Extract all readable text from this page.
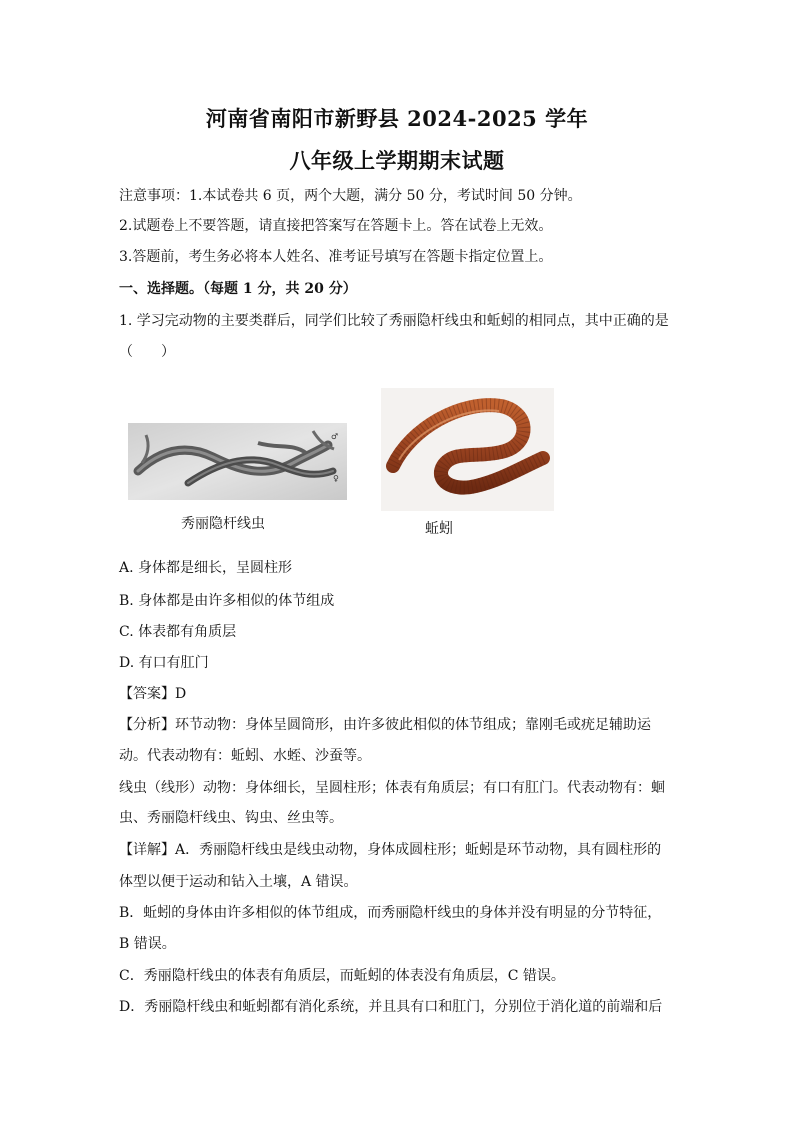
河南省南阳市新野县 2024-2025 学年
八年级上学期期末试题
注意事项：1.本试卷共 6 页，两个大题，满分 50 分，考试时间 50 分钟。
2.试题卷上不要答题，请直接把答案写在答题卡上。答在试卷上无效。
3.答题前，考生务必将本人姓名、准考证号填写在答题卡指定位置上。
一、选择题。（每题 1 分，共 20 分）
1. 学习完动物的主要类群后，同学们比较了秀丽隐杆线虫和蚯蚓的相同点，其中正确的是
（　　）
♂
♀
秀丽隐杆线虫	蚯蚓
A. 身体都是细长，呈圆柱形
B. 身体都是由许多相似的体节组成
C. 体表都有角质层
D. 有口有肛门
【答案】D
【分析】环节动物：身体呈圆筒形，由许多彼此相似的体节组成；靠刚毛或疣足辅助运
动。代表动物有：蚯蚓、水蛭、沙蚕等。
线虫（线形）动物：身体细长，呈圆柱形；体表有角质层；有口有肛门。代表动物有：蛔
虫、秀丽隐杆线虫、钩虫、丝虫等。
【详解】A．秀丽隐杆线虫是线虫动物，身体成圆柱形；蚯蚓是环节动物，具有圆柱形的
体型以便于运动和钻入土壤，A 错误。
B．蚯蚓的身体由许多相似的体节组成，而秀丽隐杆线虫的身体并没有明显的分节特征，
B 错误。
C．秀丽隐杆线虫的体表有角质层，而蚯蚓的体表没有角质层，C 错误。
D．秀丽隐杆线虫和蚯蚓都有消化系统，并且具有口和肛门，分别位于消化道的前端和后
